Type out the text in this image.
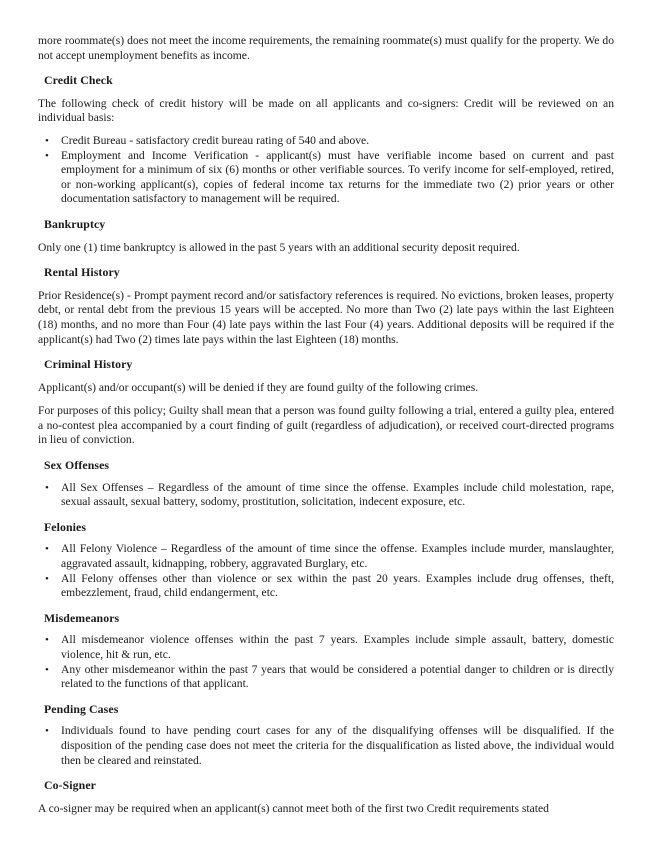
more roommate(s) does not meet the income requirements, the remaining roommate(s) must qualify for the property. We do not accept unemployment benefits as income.

Credit Check

The following check of credit history will be made on all applicants and co-signers: Credit will be reviewed on an individual basis:

• Credit Bureau - satisfactory credit bureau rating of 540 and above.
• Employment and Income Verification - applicant(s) must have verifiable income based on current and past employment for a minimum of six (6) months or other verifiable sources. To verify income for self-employed, retired, or non-working applicant(s), copies of federal income tax returns for the immediate two (2) prior years or other documentation satisfactory to management will be required.
Bankruptcy

Only one (1) time bankruptcy is allowed in the past 5 years with an additional security deposit required.

Rental History

Prior Residence(s) - Prompt payment record and/or satisfactory references is required. No evictions, broken leases, property debt, or rental debt from the previous 15 years will be accepted. No more than Two (2) late pays within the last Eighteen (18) months, and no more than Four (4) late pays within the last Four (4) years. Additional deposits will be required if the applicant(s) had Two (2) times late pays within the last Eighteen (18) months.

Criminal History

Applicant(s) and/or occupant(s) will be denied if they are found guilty of the following crimes.

For purposes of this policy; Guilty shall mean that a person was found guilty following a trial, entered a guilty plea, entered a no-contest plea accompanied by a court finding of guilt (regardless of adjudication), or received court-directed programs in lieu of conviction.

Sex Offenses
• All Sex Offenses – Regardless of the amount of time since the offense. Examples include child molestation, rape, sexual assault, sexual battery, sodomy, prostitution, solicitation, indecent exposure, etc.
Felonies
• All Felony Violence – Regardless of the amount of time since the offense. Examples include murder, manslaughter, aggravated assault, kidnapping, robbery, aggravated Burglary, etc.
• All Felony offenses other than violence or sex within the past 20 years. Examples include drug offenses, theft, embezzlement, fraud, child endangerment, etc.
Misdemeanors
• All misdemeanor violence offenses within the past 7 years. Examples include simple assault, battery, domestic violence, hit & run, etc.
• Any other misdemeanor within the past 7 years that would be considered a potential danger to children or is directly related to the functions of that applicant.
Pending Cases
• Individuals found to have pending court cases for any of the disqualifying offenses will be disqualified. If the disposition of the pending case does not meet the criteria for the disqualification as listed above, the individual would then be cleared and reinstated.
Co-Signer

A co-signer may be required when an applicant(s) cannot meet both of the first two Credit requirements stated
